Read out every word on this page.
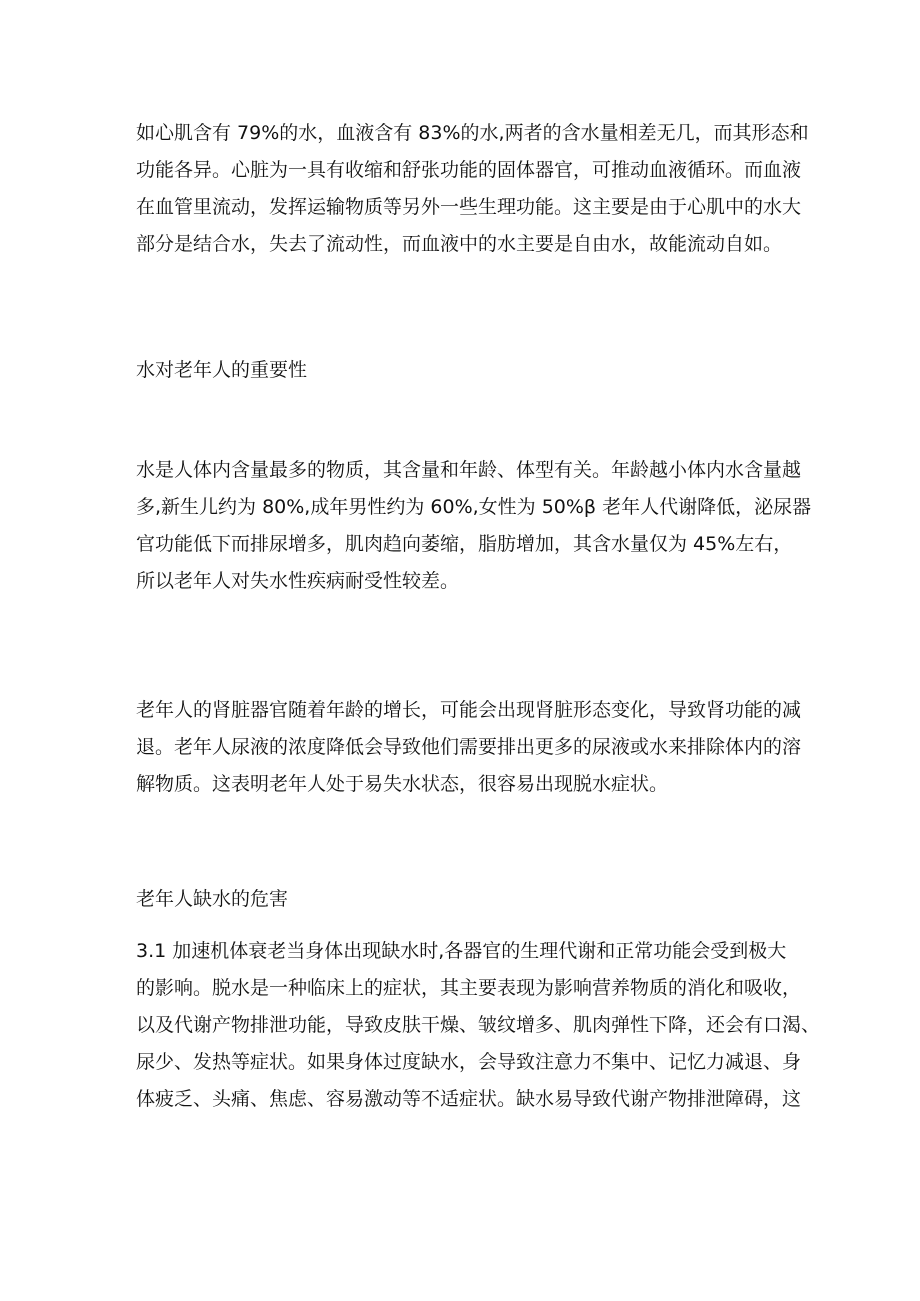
如心肌含有 79%的水，血液含有 83%的水,两者的含水量相差无几，而其形态和
功能各异。心脏为一具有收缩和舒张功能的固体器官，可推动血液循环。而血液
在血管里流动，发挥运输物质等另外一些生理功能。这主要是由于心肌中的水大
部分是结合水，失去了流动性，而血液中的水主要是自由水，故能流动自如。
水对老年人的重要性
水是人体内含量最多的物质，其含量和年龄、体型有关。年龄越小体内水含量越
多,新生儿约为 80%,成年男性约为 60%,女性为 50%β 老年人代谢降低，泌尿器
官功能低下而排尿增多，肌肉趋向萎缩，脂肪增加，其含水量仅为 45%左右，
所以老年人对失水性疾病耐受性较差。
老年人的肾脏器官随着年龄的增长，可能会出现肾脏形态变化，导致肾功能的减
退。老年人尿液的浓度降低会导致他们需要排出更多的尿液或水来排除体内的溶
解物质。这表明老年人处于易失水状态，很容易出现脱水症状。
老年人缺水的危害
3.1 加速机体衰老当身体出现缺水时,各器官的生理代谢和正常功能会受到极大
的影响。脱水是一种临床上的症状，其主要表现为影响营养物质的消化和吸收，
以及代谢产物排泄功能，导致皮肤干燥、皱纹增多、肌肉弹性下降，还会有口渴、
尿少、发热等症状。如果身体过度缺水，会导致注意力不集中、记忆力减退、身
体疲乏、头痛、焦虑、容易激动等不适症状。缺水易导致代谢产物排泄障碍，这
